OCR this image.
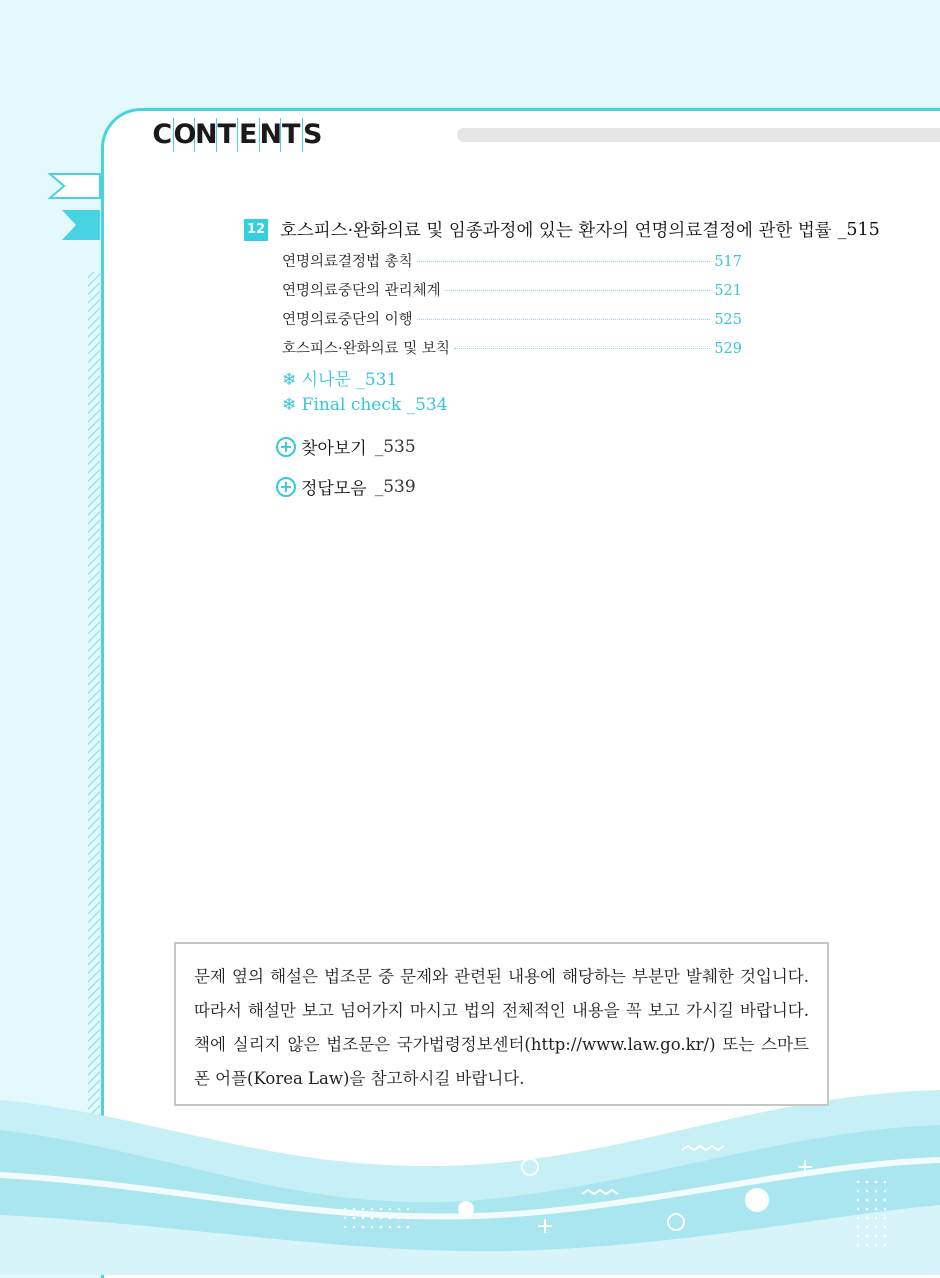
C O
N T E N T S
12 호스피스·완화의료 및 임종과정에 있는 환자의 연명의료결정에 관한 법률 _515
연명의료결정법 총칙	517
연명의료중단의 관리체계	521
연명의료중단의 이행	525
호스피스·완화의료 및 보칙	529
❄ 시나문 _531
❄ Final check _534
+ 찾아보기 _535
+ 정답모음 _539
문제 옆의 해설은 법조문 중 문제와 관련된 내용에 해당하는 부분만 발췌한 것입니다. 따라서 해설만 보고 넘어가지 마시고 법의 전체적인 내용을 꼭 보고 가시길 바랍니다. 책에 실리지 않은 법조문은 국가법령정보센터(http://www.law.go.kr/) 또는 스마트폰 어플(Korea Law)을 참고하시길 바랍니다.
